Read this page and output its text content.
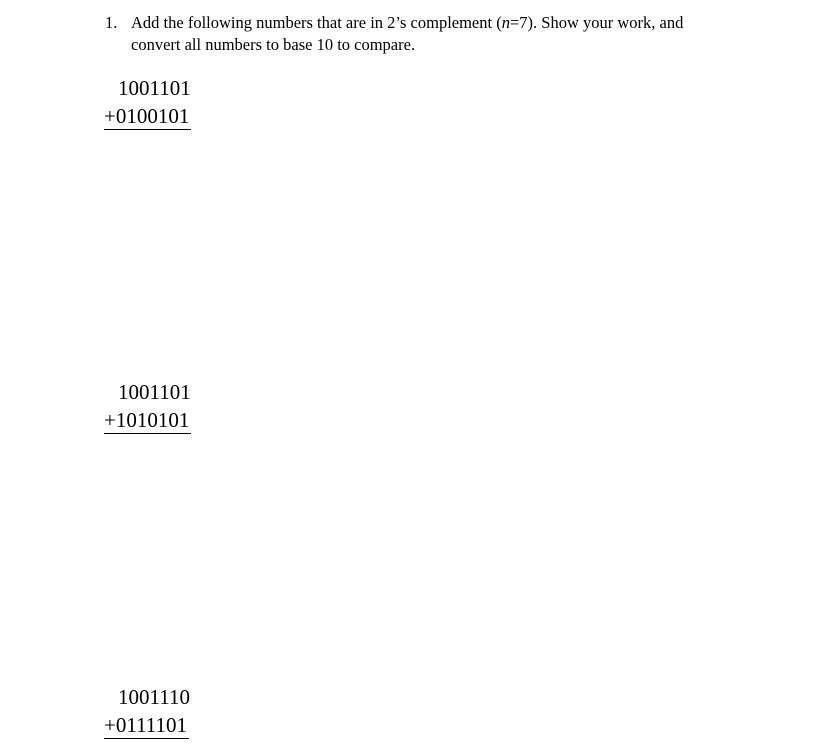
1. Add the following numbers that are in 2’s complement (n=7). Show your work, and
convert all numbers to base 10 to compare.
1001101
+0100101
1001101
+1010101
1001110
+0111101
